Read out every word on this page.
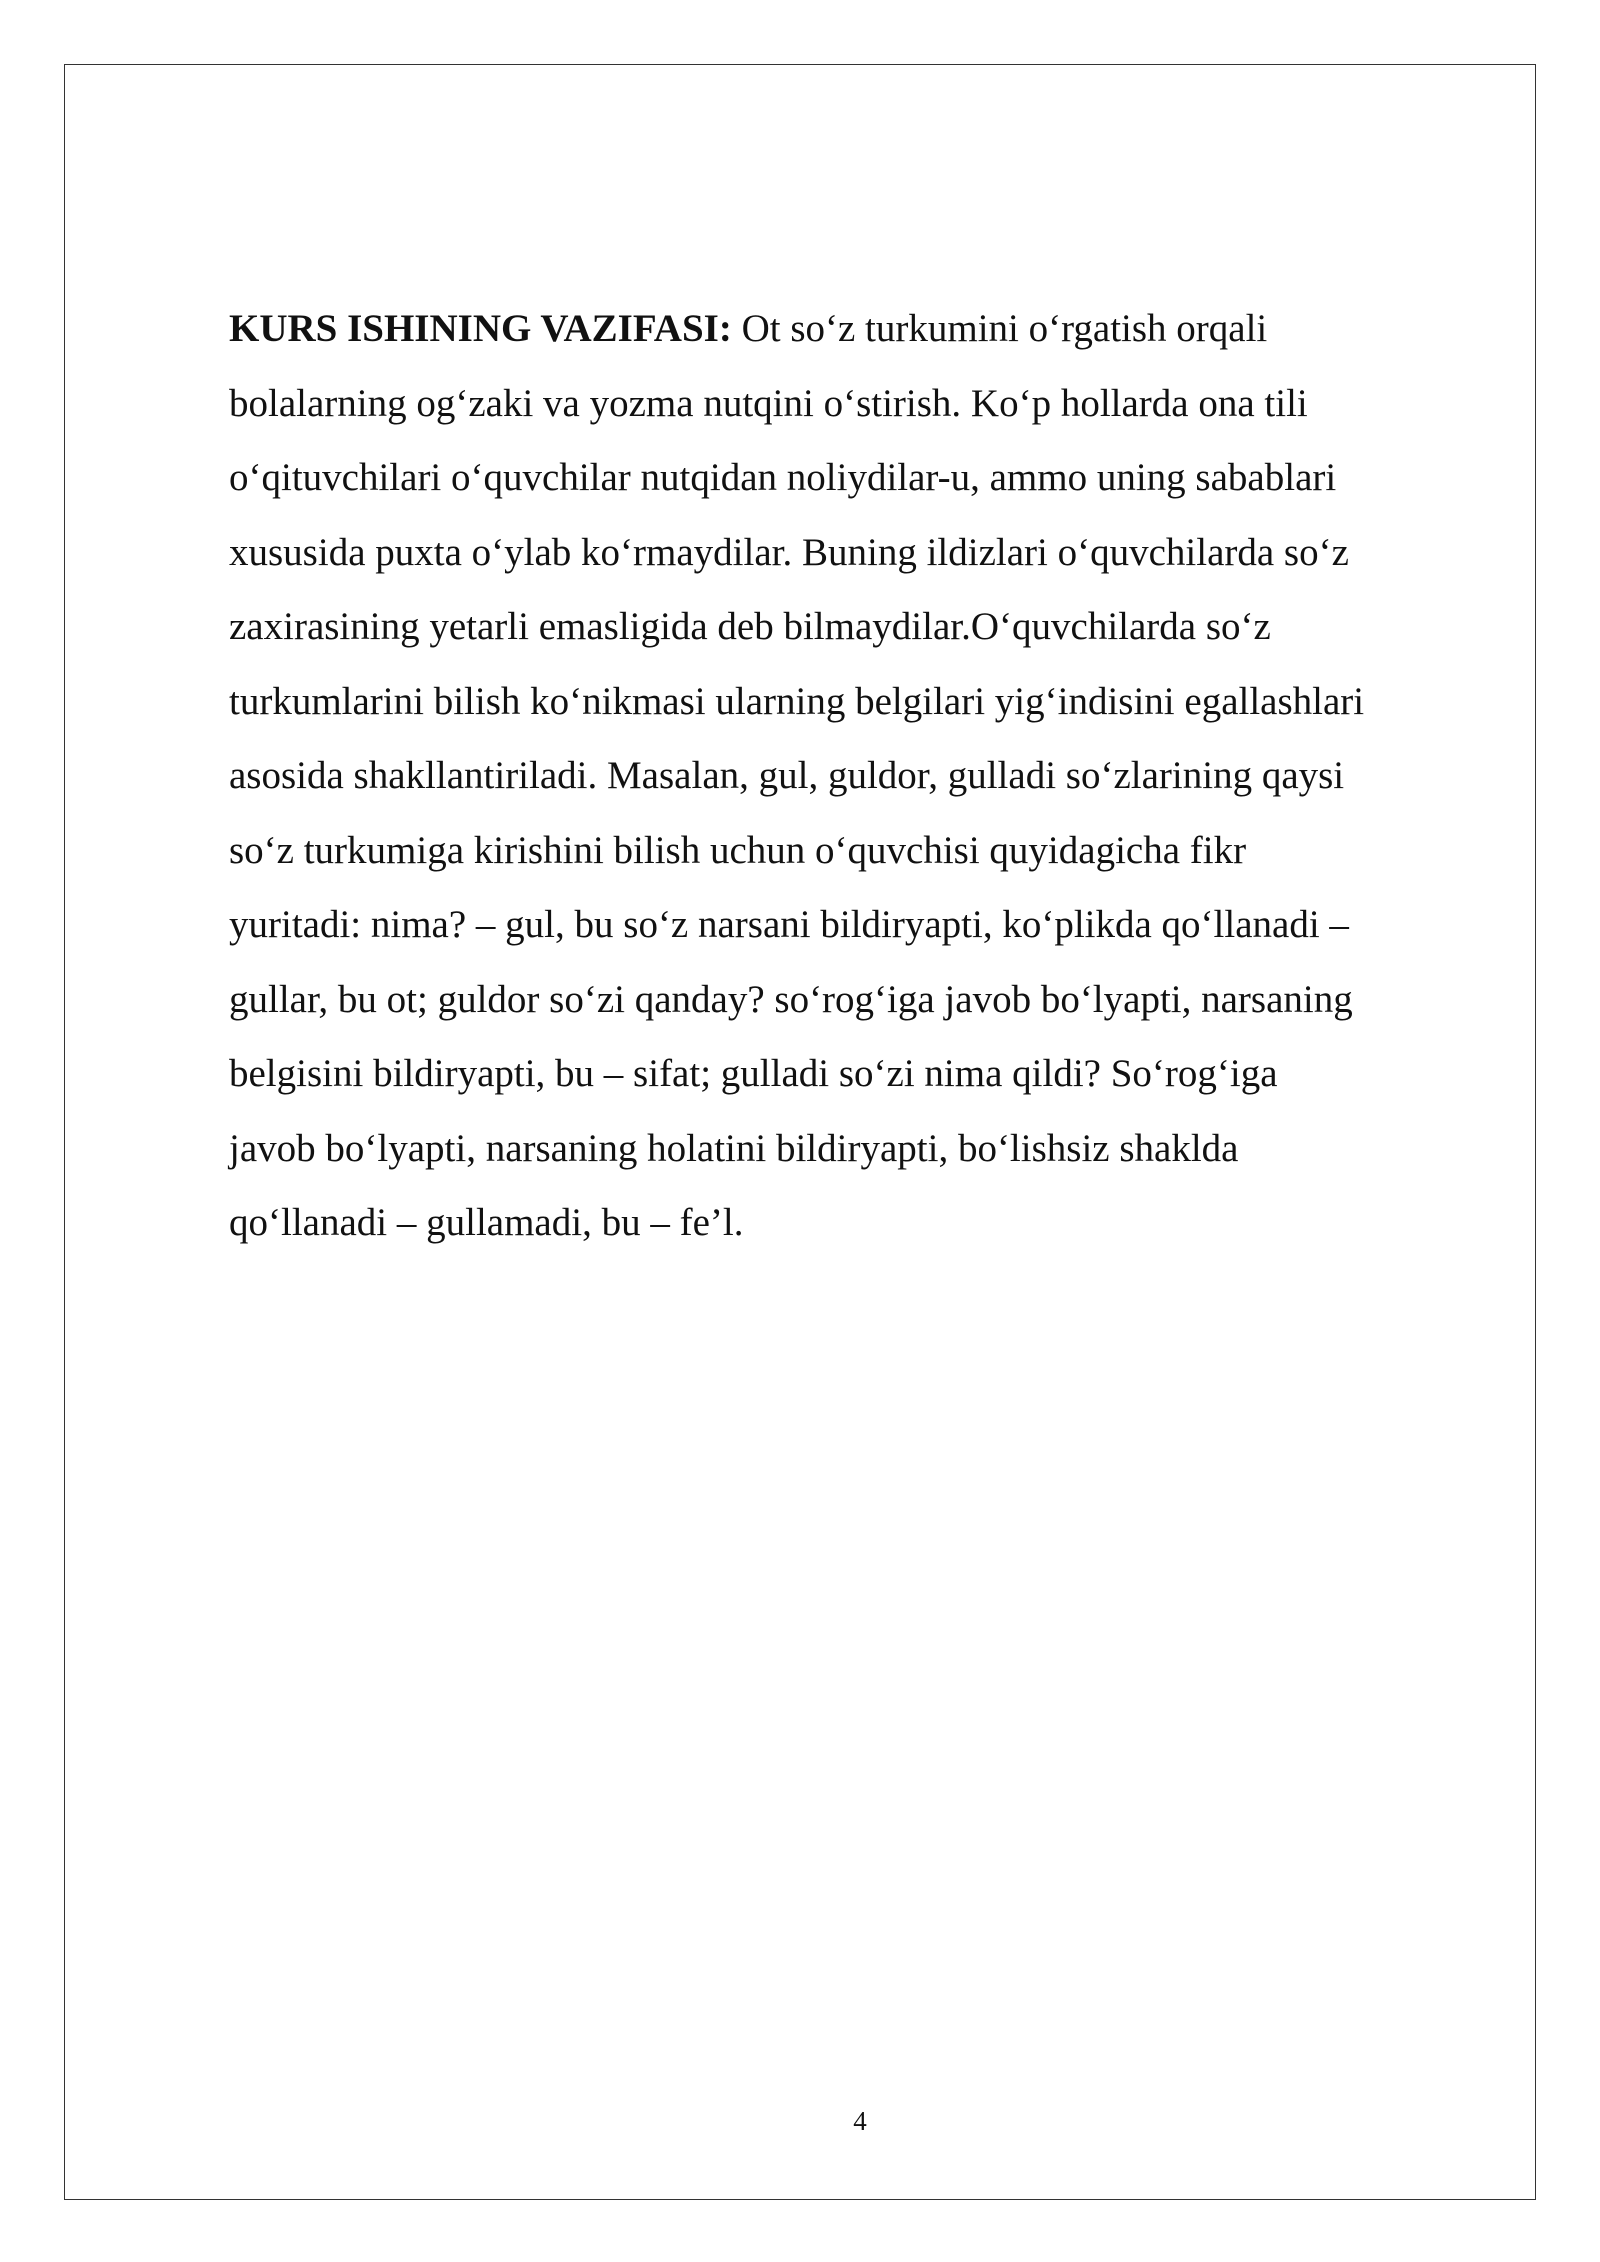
KURS ISHINING VAZIFASI: Ot so‘z turkumini o‘rgatish orqali
bolalarning og‘zaki va yozma nutqini o‘stirish. Ko‘p hollarda ona tili
o‘qituvchilari o‘quvchilar nutqidan noliydilar-u, ammo uning sabablari
xususida puxta o‘ylab ko‘rmaydilar. Buning ildizlari o‘quvchilarda so‘z
zaxirasining yetarli emasligida deb bilmaydilar.O‘quvchilarda so‘z
turkumlarini bilish ko‘nikmasi ularning belgilari yig‘indisini egallashlari
asosida shakllantiriladi. Masalan, gul, guldor, gulladi so‘zlarining qaysi
so‘z turkumiga kirishini bilish uchun o‘quvchisi quyidagicha fikr
yuritadi: nima? – gul, bu so‘z narsani bildiryapti, ko‘plikda qo‘llanadi –
gullar, bu ot; guldor so‘zi qanday? so‘rog‘iga javob bo‘lyapti, narsaning
belgisini bildiryapti, bu – sifat; gulladi so‘zi nima qildi? So‘rog‘iga
javob bo‘lyapti, narsaning holatini bildiryapti, bo‘lishsiz shaklda
qo‘llanadi – gullamadi, bu – fe’l.

4
